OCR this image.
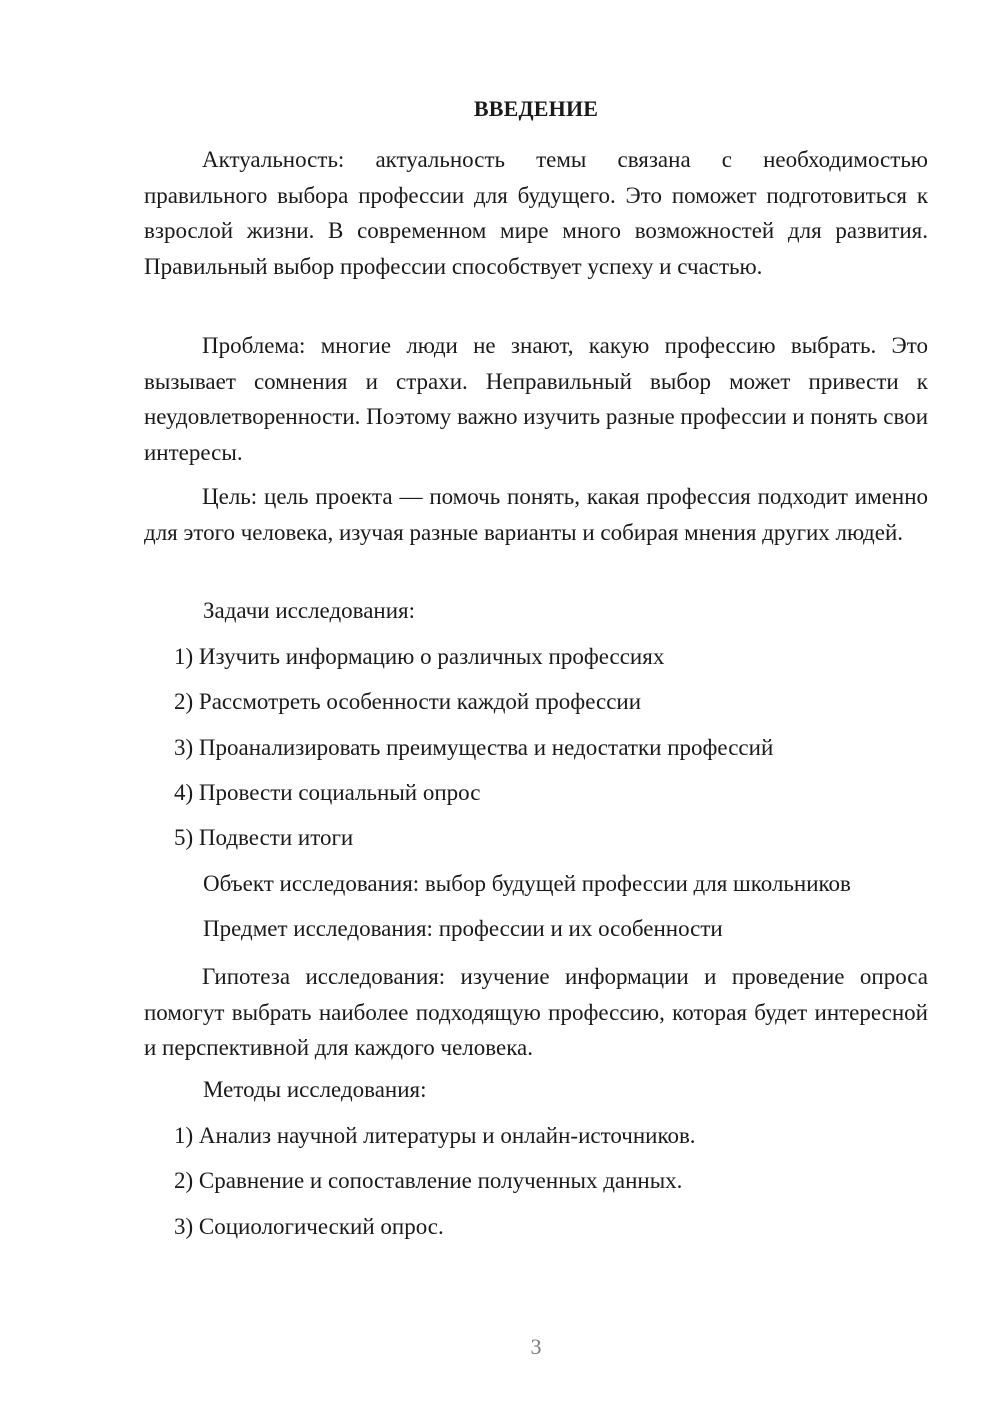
ВВЕДЕНИЕ
Актуальность: актуальность темы связана с необходимостью правильного выбора профессии для будущего. Это поможет подготовиться к взрослой жизни. В современном мире много возможностей для развития. Правильный выбор профессии способствует успеху и счастью.
Проблема: многие люди не знают, какую профессию выбрать. Это вызывает сомнения и страхи. Неправильный выбор может привести к неудовлетворенности. Поэтому важно изучить разные профессии и понять свои интересы.
Цель: цель проекта — помочь понять, какая профессия подходит именно для этого человека, изучая разные варианты и собирая мнения других людей.
Задачи исследования:
1) Изучить информацию о различных профессиях
2) Рассмотреть особенности каждой профессии
3) Проанализировать преимущества и недостатки профессий
4) Провести социальный опрос
5) Подвести итоги
Объект исследования: выбор будущей профессии для школьников
Предмет исследования: профессии и их особенности
Гипотеза исследования: изучение информации и проведение опроса помогут выбрать наиболее подходящую профессию, которая будет интересной и перспективной для каждого человека.
Методы исследования:
1) Анализ научной литературы и онлайн-источников.
2) Сравнение и сопоставление полученных данных.
3) Социологический опрос.
3
